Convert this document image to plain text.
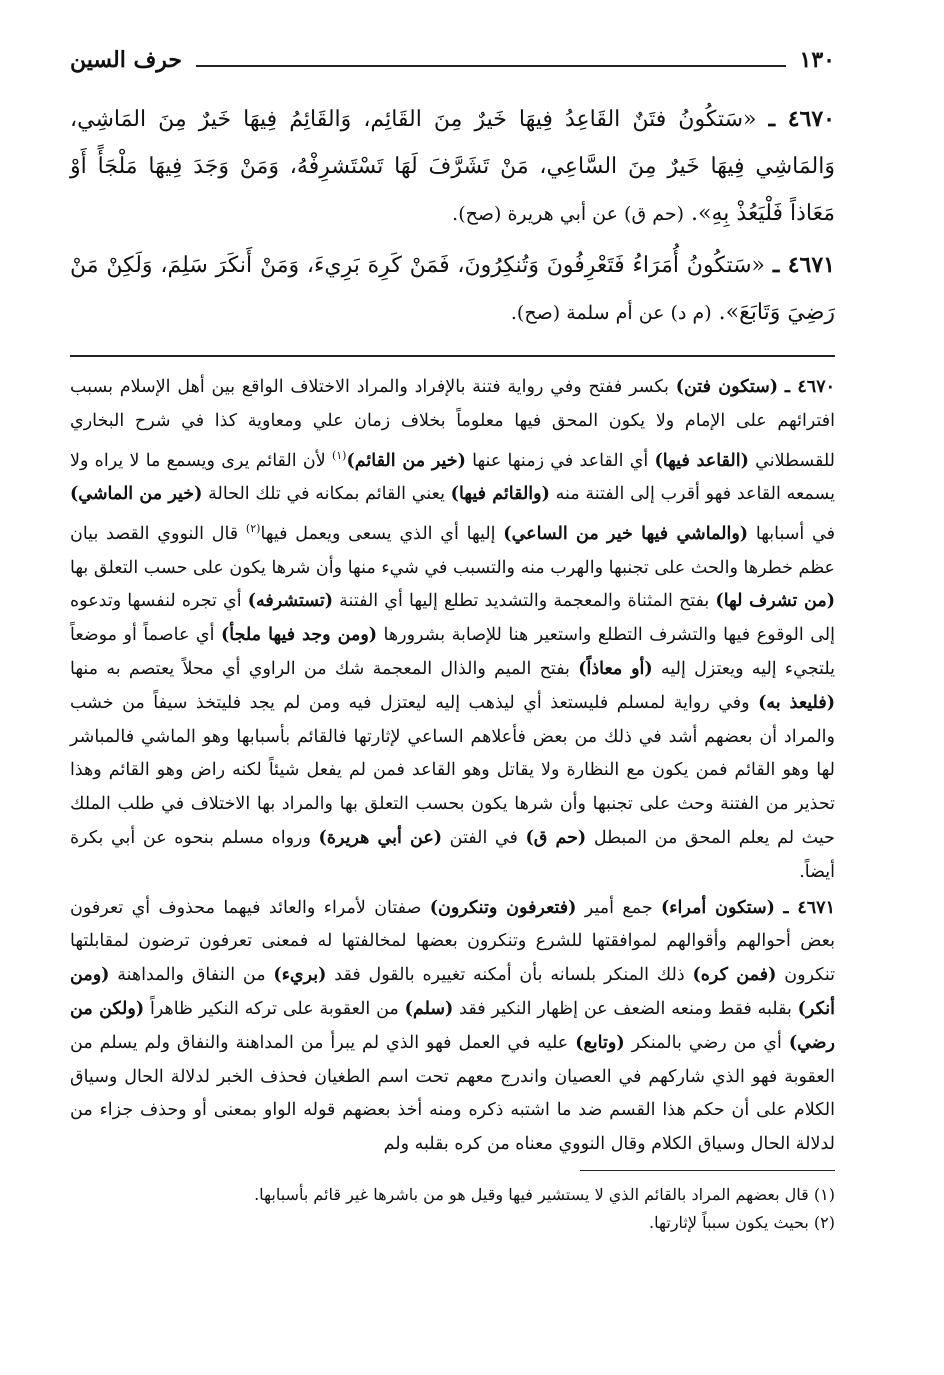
١٣٠
حرف السين

٤٦٧٠ ـ «سَتكُونُ فتَنٌ القَاعِدُ فِيهَا خَيرٌ مِنَ القَائِم، وَالقَائِمُ فِيهَا خَيرٌ مِنَ المَاشِي، وَالمَاشِي فِيهَا خَيرٌ مِنَ السَّاعِي، مَنْ تَشَرَّفَ لَهَا تَسْتَشرِفْهُ، وَمَنْ وَجَدَ فِيهَا مَلْجَأً أَوْ مَعَاذاً فَلْيَعُذْ بِهِ». (حم ق) عن أبي هريرة (صح).

٤٦٧١ ـ «سَتكُونُ أُمَرَاءُ فَتَعْرِفُونَ وَتُنكِرُونَ، فَمَنْ كَرِهَ بَرِيءَ، وَمَنْ أَنكَرَ سَلِمَ، وَلَكِنْ مَنْ رَضِيَ وَتَابَعَ». (م د) عن أم سلمة (صح).

٤٦٧٠ ـ (ستكون فتن) بكسر ففتح وفي رواية فتنة بالإفراد والمراد الاختلاف الواقع بين أهل الإسلام بسبب افترائهم على الإمام ولا يكون المحق فيها معلوماً بخلاف زمان علي ومعاوية كذا في شرح البخاري للقسطلاني (القاعد فيها) أي القاعد في زمنها عنها (خير من القائم)$^{(١)}$ لأن القائم يرى ويسمع ما لا يراه ولا يسمعه القاعد فهو أقرب إلى الفتنة منه (والقائم فيها) يعني القائم بمكانه في تلك الحالة (خير من الماشي) في أسبابها (والماشي فيها خير من الساعي) إليها أي الذي يسعى ويعمل فيها$^{(٢)}$ قال النووي القصد بيان عظم خطرها والحث على تجنبها والهرب منه والتسبب في شيء منها وأن شرها يكون على حسب التعلق بها (من تشرف لها) بفتح المثناة والمعجمة والتشديد تطلع إليها أي الفتنة (تستشرفه) أي تجره لنفسها وتدعوه إلى الوقوع فيها والتشرف التطلع واستعير هنا للإصابة بشرورها (ومن وجد فيها ملجأ) أي عاصماً أو موضعاً يلتجيء إليه ويعتزل إليه (أو معاذاً) بفتح الميم والذال المعجمة شك من الراوي أي محلاً يعتصم به منها (فليعذ به) وفي رواية لمسلم فليستعذ أي ليذهب إليه ليعتزل فيه ومن لم يجد فليتخذ سيفاً من خشب والمراد أن بعضهم أشد في ذلك من بعض فأعلاهم الساعي لإثارتها فالقائم بأسبابها وهو الماشي فالمباشر لها وهو القائم فمن يكون مع النظارة ولا يقاتل وهو القاعد فمن لم يفعل شيئاً لكنه راض وهو القائم وهذا تحذير من الفتنة وحث على تجنبها وأن شرها يكون بحسب التعلق بها والمراد بها الاختلاف في طلب الملك حيث لم يعلم المحق من المبطل (حم ق) في الفتن (عن أبي هريرة) ورواه مسلم بنحوه عن أبي بكرة أيضاً.

٤٦٧١ ـ (ستكون أمراء) جمع أمير (فتعرفون وتنكرون) صفتان لأمراء والعائد فيهما محذوف أي تعرفون بعض أحوالهم وأقوالهم لموافقتها للشرع وتنكرون بعضها لمخالفتها له فمعنى تعرفون ترضون لمقابلتها تنكرون (فمن كره) ذلك المنكر بلسانه بأن أمكنه تغييره بالقول فقد (بريء) من النفاق والمداهنة (ومن أنكر) بقلبه فقط ومنعه الضعف عن إظهار النكير فقد (سلم) من العقوبة على تركه النكير ظاهراً (ولكن من رضي) أي من رضي بالمنكر (وتابع) عليه في العمل فهو الذي لم يبرأ من المداهنة والنفاق ولم يسلم من العقوبة فهو الذي شاركهم في العصيان واندرج معهم تحت اسم الطغيان فحذف الخبر لدلالة الحال وسياق الكلام على أن حكم هذا القسم ضد ما اشتبه ذكره ومنه أخذ بعضهم قوله الواو بمعنى أو وحذف جزاء من لدلالة الحال وسياق الكلام وقال النووي معناه من كره بقلبه ولم

(١) قال بعضهم المراد بالقائم الذي لا يستشير فيها وقيل هو من باشرها غير قائم بأسبابها.

(٢) بحيث يكون سبباً لإثارتها.
